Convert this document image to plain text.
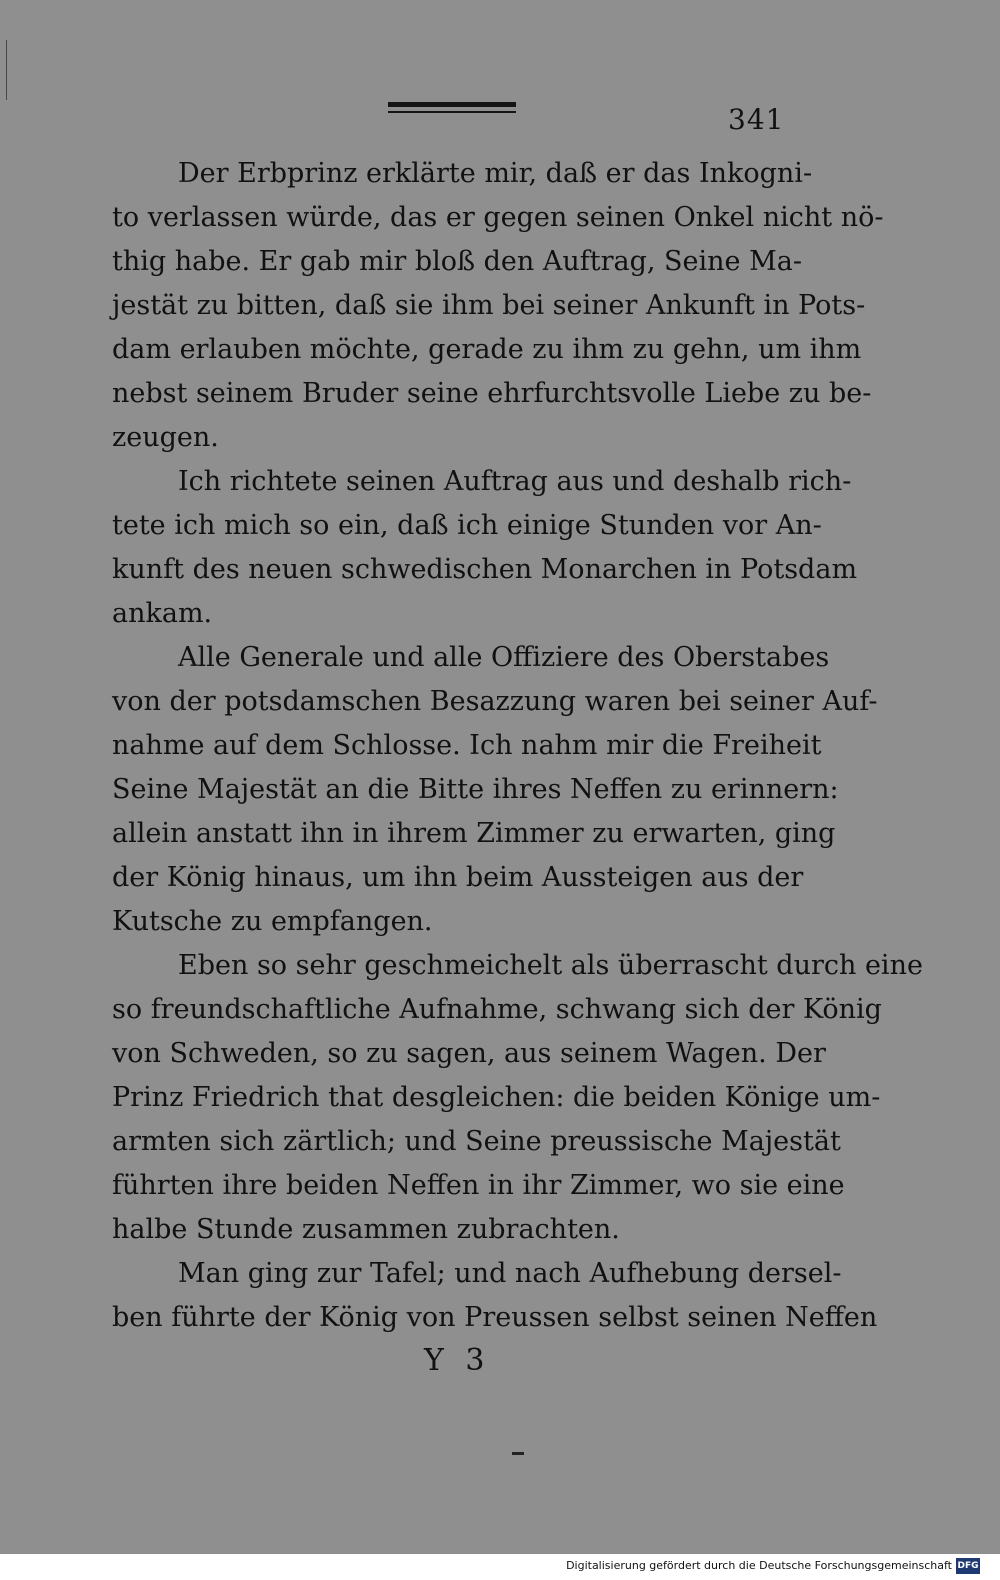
341
Der Erbprinz erklärte mir, daß er das Inkogni-
to verlassen würde, das er gegen seinen Onkel nicht nö-
thig habe. Er gab mir bloß den Auftrag, Seine Ma-
jestät zu bitten, daß sie ihm bei seiner Ankunft in Pots-
dam erlauben möchte, gerade zu ihm zu gehn, um ihm
nebst seinem Bruder seine ehrfurchtsvolle Liebe zu be-
zeugen.
Ich richtete seinen Auftrag aus und deshalb rich-
tete ich mich so ein, daß ich einige Stunden vor An-
kunft des neuen schwedischen Monarchen in Potsdam
ankam.
Alle Generale und alle Offiziere des Oberstabes
von der potsdamschen Besazzung waren bei seiner Auf-
nahme auf dem Schlosse. Ich nahm mir die Freiheit
Seine Majestät an die Bitte ihres Neffen zu erinnern:
allein anstatt ihn in ihrem Zimmer zu erwarten, ging
der König hinaus, um ihn beim Aussteigen aus der
Kutsche zu empfangen.
Eben so sehr geschmeichelt als überrascht durch eine
so freundschaftliche Aufnahme, schwang sich der König
von Schweden, so zu sagen, aus seinem Wagen. Der
Prinz Friedrich that desgleichen: die beiden Könige um-
armten sich zärtlich; und Seine preussische Majestät
führten ihre beiden Neffen in ihr Zimmer, wo sie eine
halbe Stunde zusammen zubrachten.
Man ging zur Tafel; und nach Aufhebung dersel-
ben führte der König von Preussen selbst seinen Neffen
Y 3
Digitalisierung gefördert durch die Deutsche Forschungsgemeinschaft DFG
